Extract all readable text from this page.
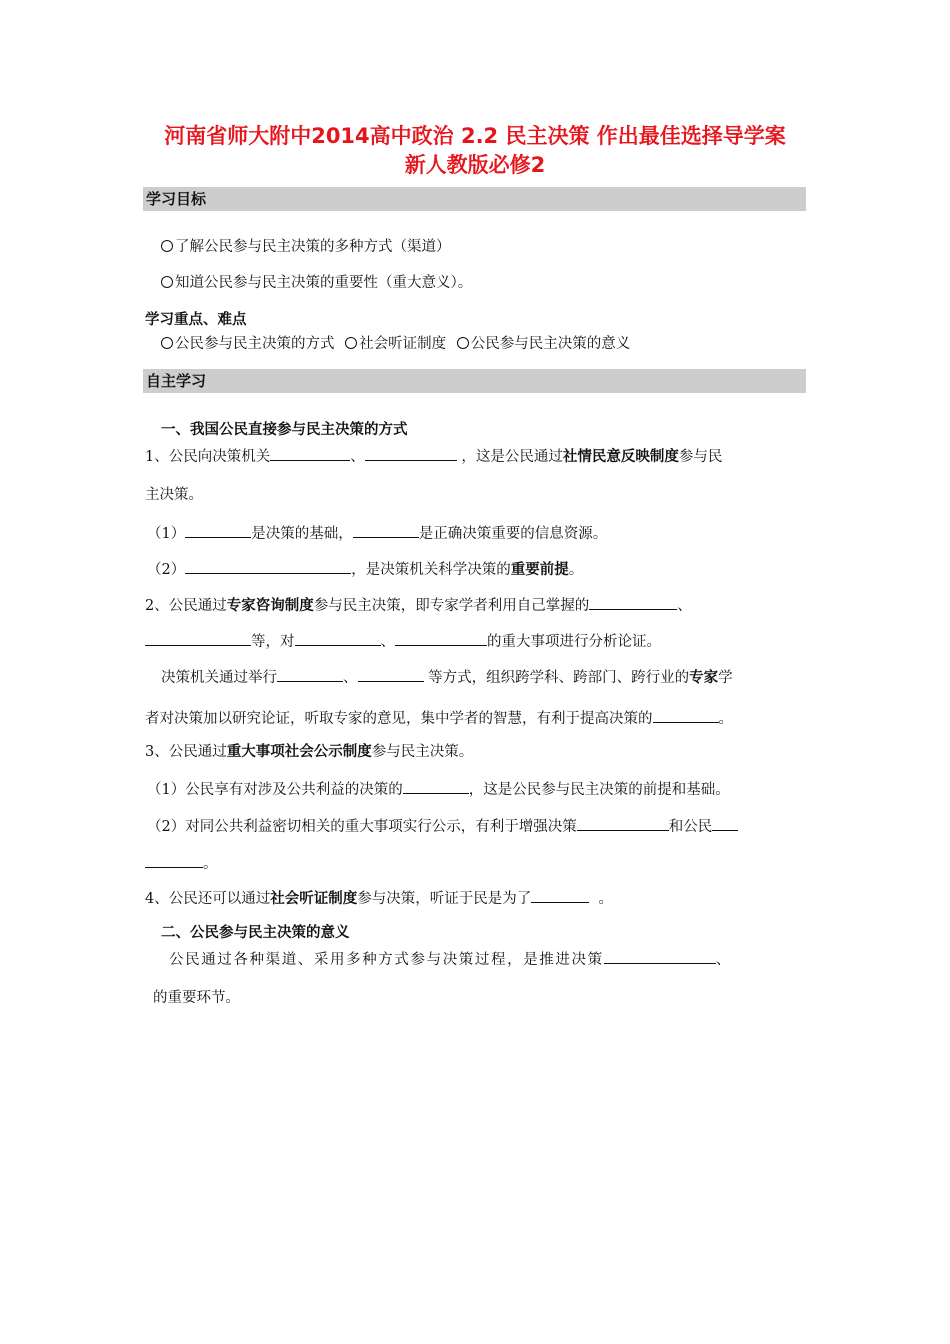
河南省师大附中2014高中政治 2.2 民主决策 作出最佳选择导学案
新人教版必修2
学习目标
了解公民参与民主决策的多种方式（渠道）
知道公民参与民主决策的重要性（重大意义）。
学习重点、难点
公民参与民主决策的方式 社会听证制度 公民参与民主决策的意义
自主学习
一、我国公民直接参与民主决策的方式
1、公民向决策机关	、	，这是公民通过社情民意反映制度参与民
主决策。
（1）	是决策的基础，	是正确决策重要的信息资源。
（2）	，是决策机关科学决策的重要前提。
2、公民通过专家咨询制度参与民主决策，即专家学者利用自己掌握的	、
等，对	、	的重大事项进行分析论证。
决策机关通过举行	、	等方式，组织跨学科、跨部门、跨行业的专家学
者对决策加以研究论证，听取专家的意见，集中学者的智慧，有利于提高决策的	。
3、公民通过重大事项社会公示制度参与民主决策。
（1）公民享有对涉及公共利益的决策的	，这是公民参与民主决策的前提和基础。
（2）对同公共利益密切相关的重大事项实行公示，有利于增强决策	和公民
。
4、公民还可以通过社会听证制度参与决策，听证于民是为了	。
二、公民参与民主决策的意义
公民通过各种渠道、采用多种方式参与决策过程，是推进决策	、
的重要环节。
